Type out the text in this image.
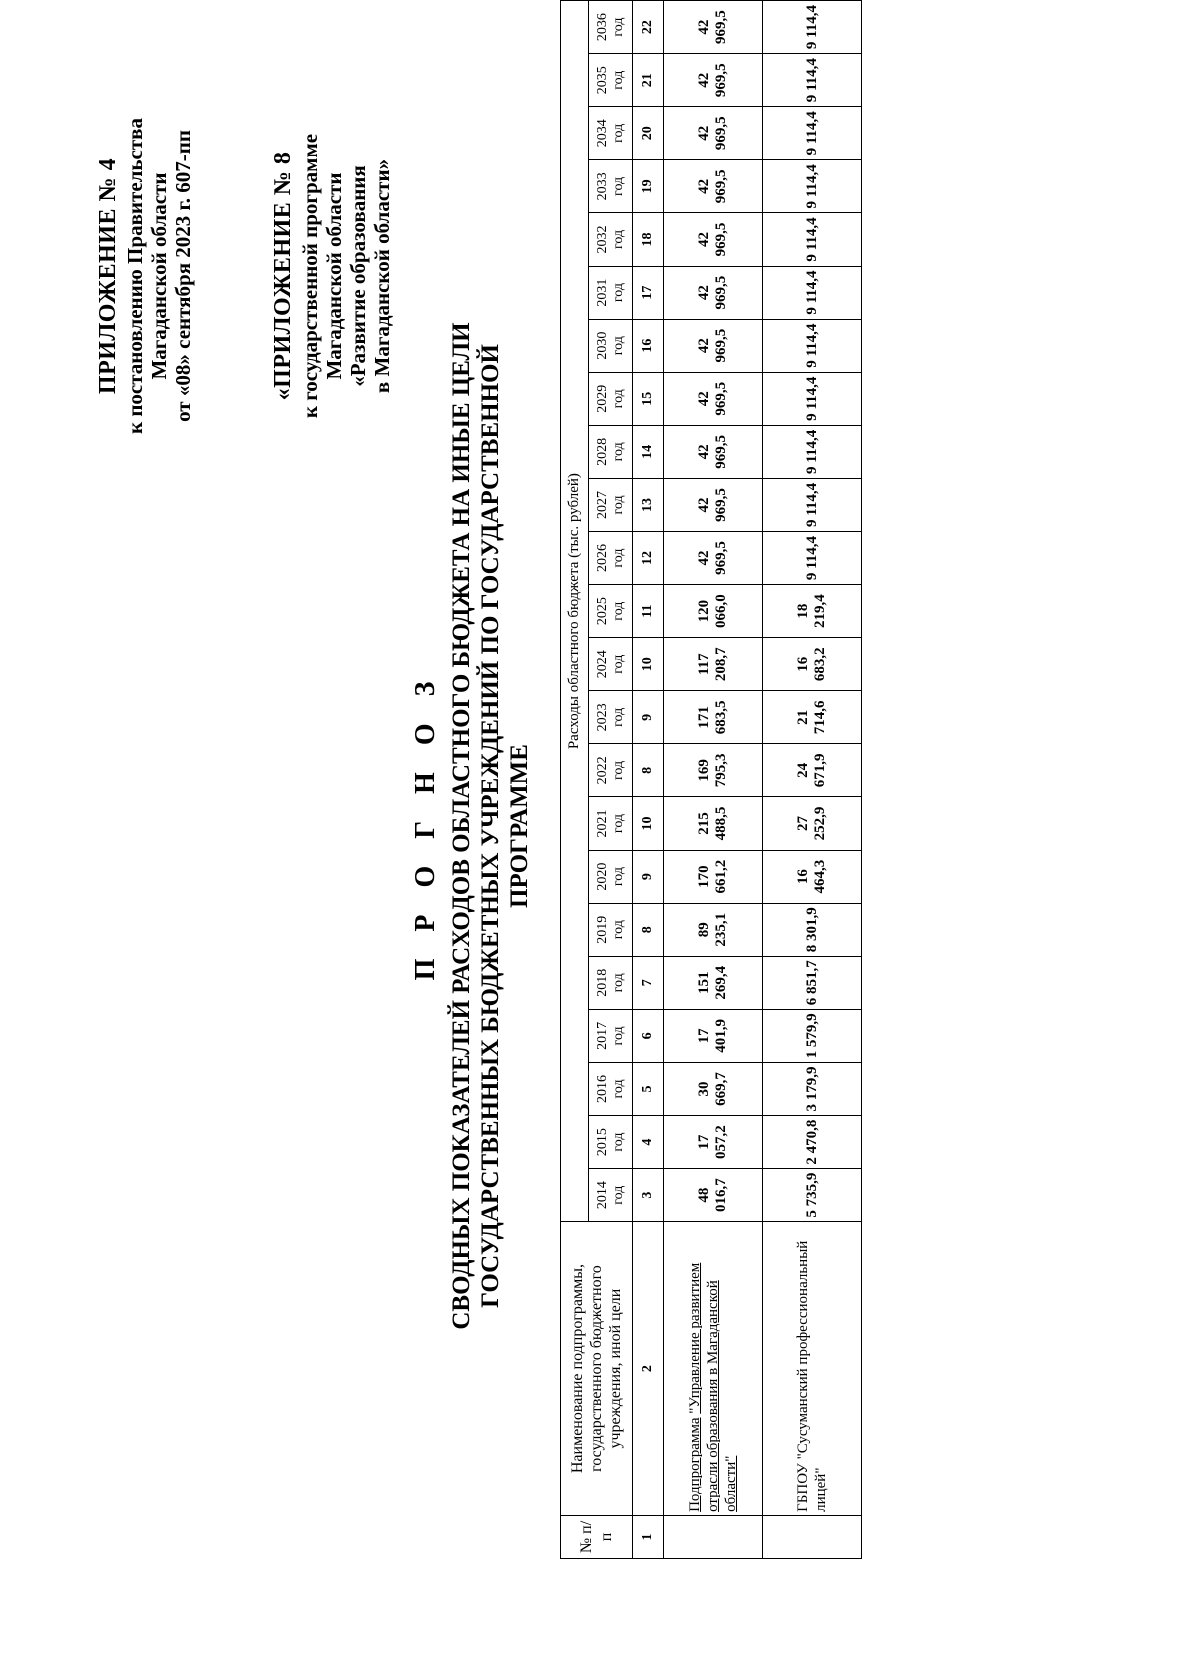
ПРИЛОЖЕНИЕ № 4 к постановлению Правительства Магаданской области от «08» сентября 2023 г. 607-пп	«ПРИЛОЖЕНИЕ № 8 к государственной программе Магаданской области «Развитие образования в Магаданской области»
П Р О Г Н О З СВОДНЫХ ПОКАЗАТЕЛЕЙ РАСХОДОВ ОБЛАСТНОГО БЮДЖЕТА НА ИНЫЕ ЦЕЛИ ГОСУДАРСТВЕННЫХ БЮДЖЕТНЫХ УЧРЕЖДЕНИЙ ПО ГОСУДАРСТВЕННОЙ ПРОГРАММЕ
№ п/п	Наименование подпрограммы, государственного бюджетного учреждения, иной цели	Расходы областного бюджета (тыс. рублей)																						
		2014 год	2015 год	2016 год	2017 год	2018 год	2019 год	2020 год	2021 год	2022 год	2023 год	2024 год	2025 год	2026 год	2027 год	2028 год	2029 год	2030 год	2031 год	2032 год	2033 год	2034 год	2035 год	2036 год
1	2	3	4	5	6	7	8	9	10	8	9	10	11	12	13	14	15	16	17	18	19	20	21	22
	Подпрограмма "Управление развитием отрасли образования в Магаданской области"	48 016,7	17 057,2	30 669,7	17 401,9	151 269,4	89 235,1	170 661,2	215 488,5	169 795,3	171 683,5	117 208,7	120 066,0	42 969,5	42 969,5	42 969,5	42 969,5	42 969,5	42 969,5	42 969,5	42 969,5	42 969,5	42 969,5	42 969,5
	ГБПОУ "Сусуманский профессиональный лицей"	5 735,9	2 470,8	3 179,9	1 579,9	6 851,7	8 301,9	16 464,3	27 252,9	24 671,9	21 714,6	16 683,2	18 219,4	9 114,4	9 114,4	9 114,4	9 114,4	9 114,4	9 114,4	9 114,4	9 114,4	9 114,4	9 114,4	9 114,4
